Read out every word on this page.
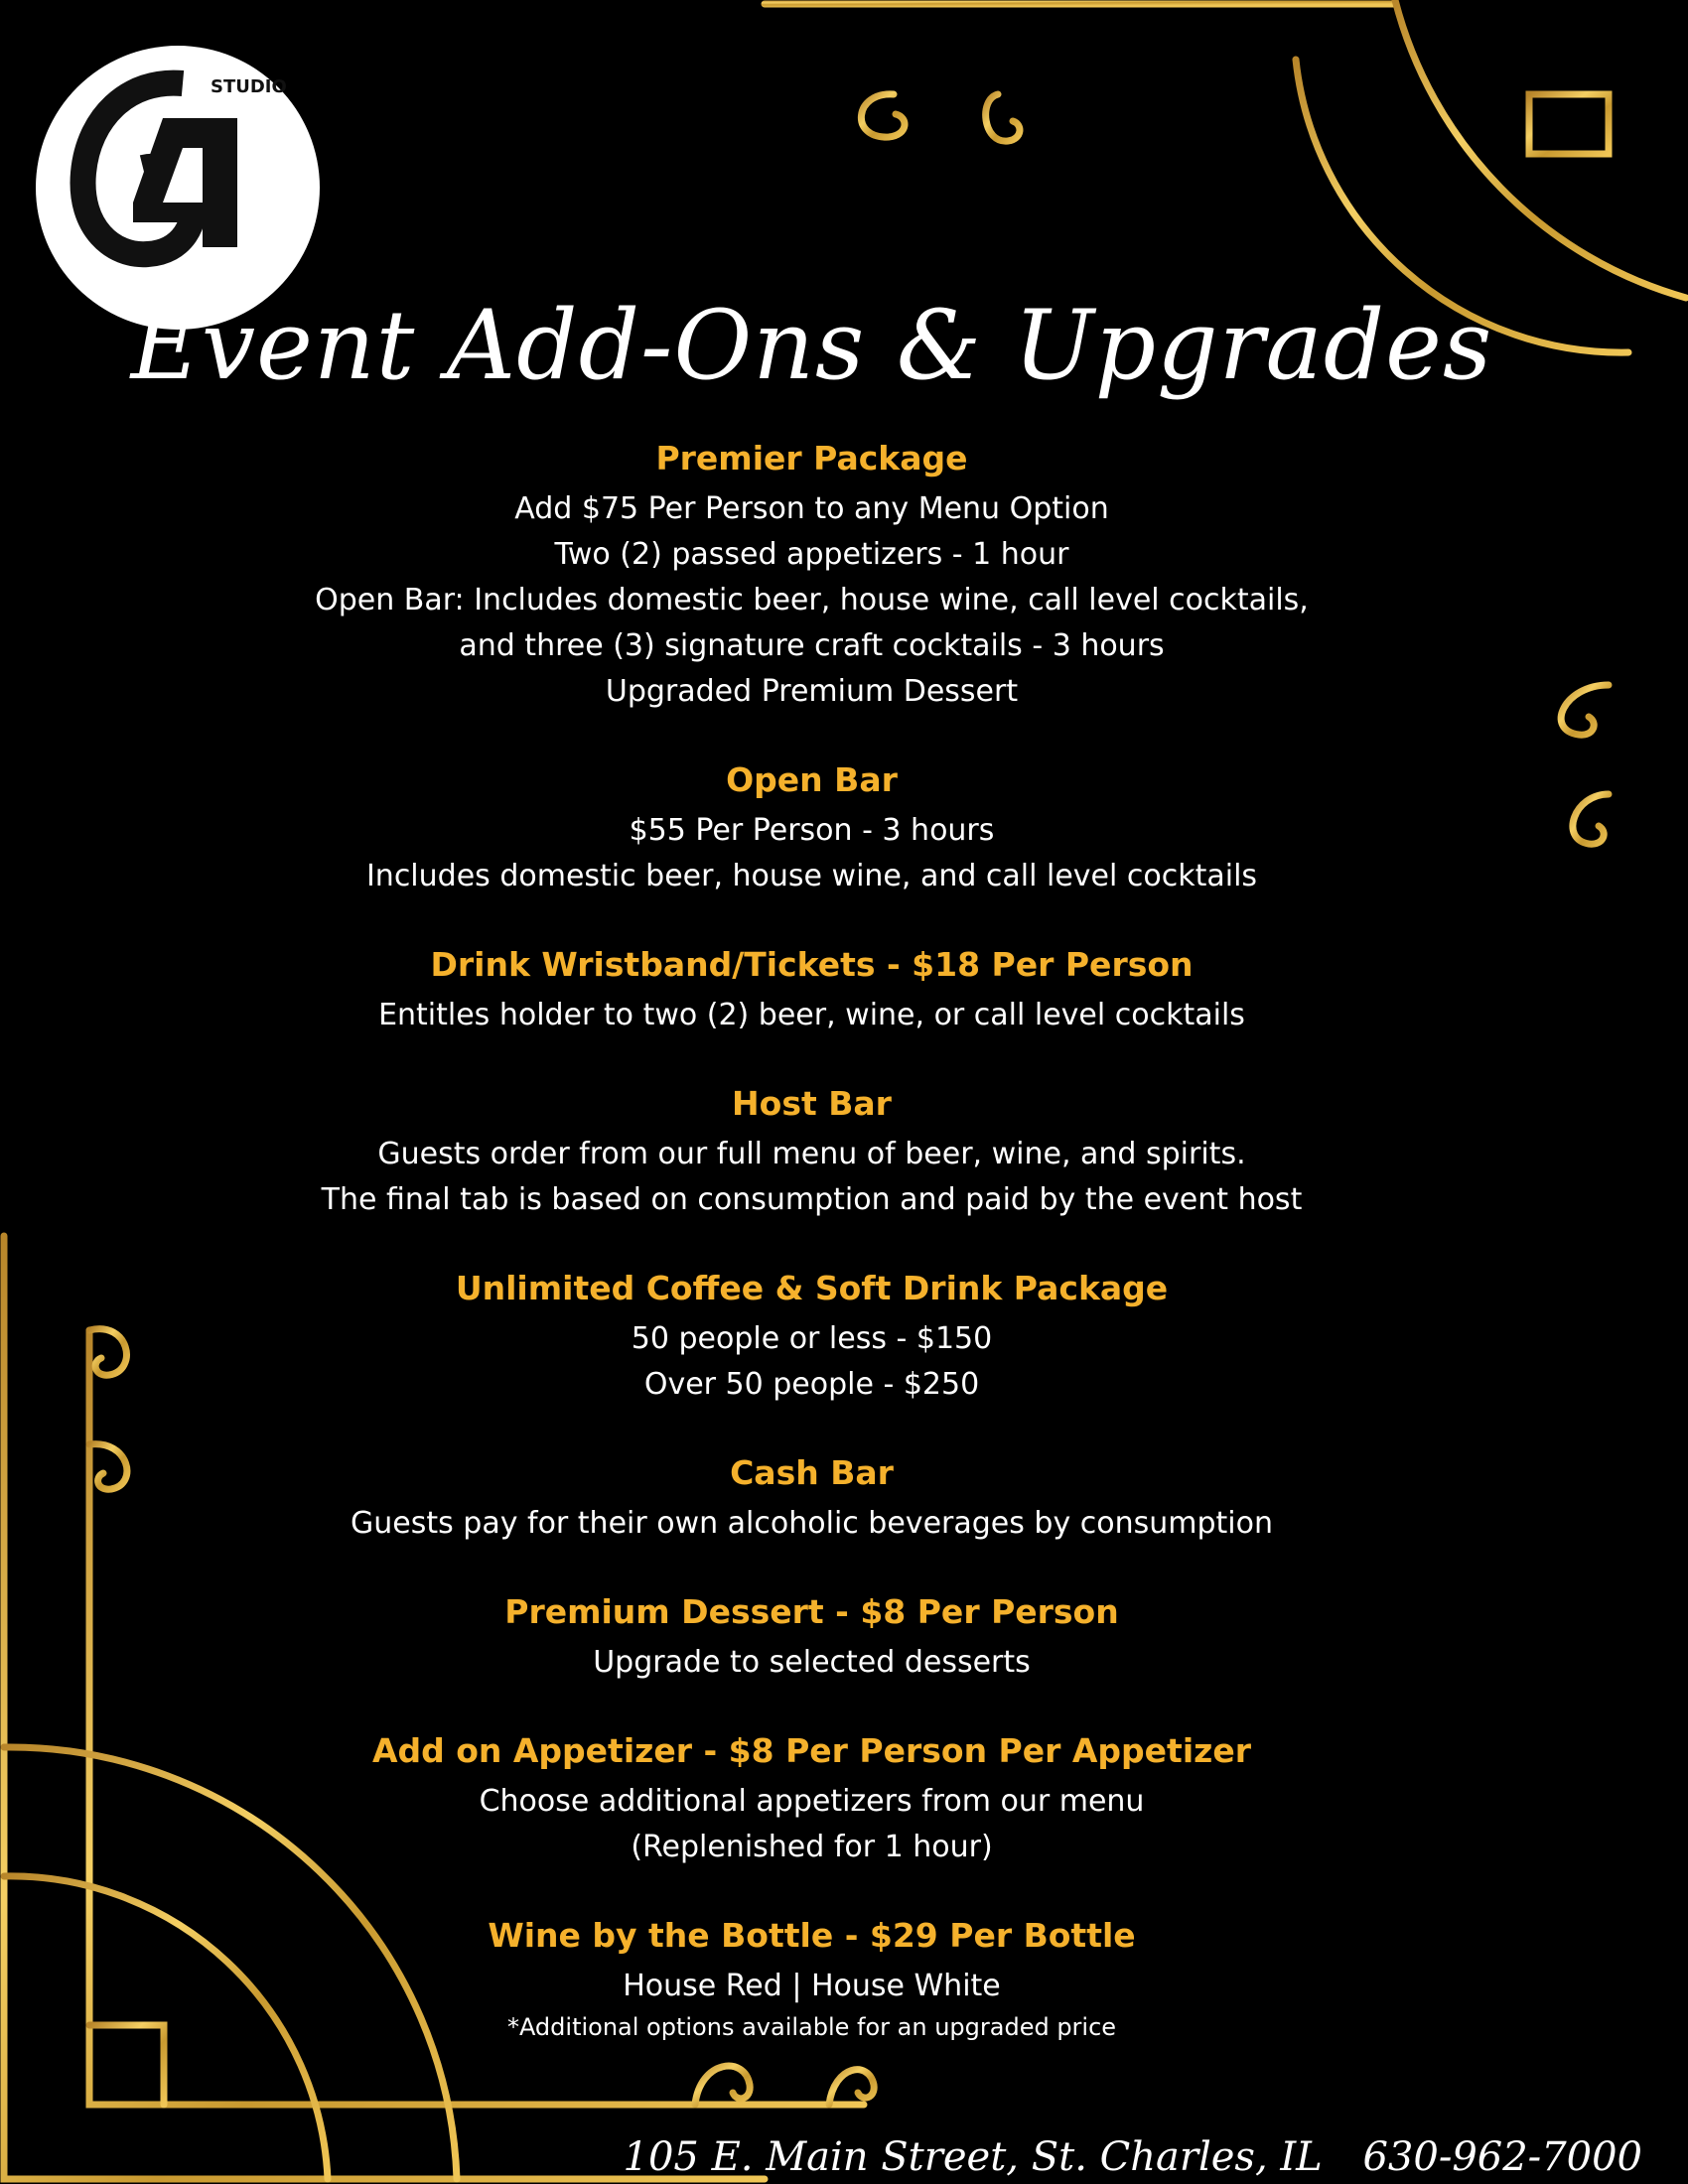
STUDIO
Event Add-Ons & Upgrades
Premier Package
Add $75 Per Person to any Menu Option
Two (2) passed appetizers - 1 hour
Open Bar: Includes domestic beer, house wine, call level cocktails,
and three (3) signature craft cocktails - 3 hours
Upgraded Premium Dessert
Open Bar
$55 Per Person - 3 hours
Includes domestic beer, house wine, and call level cocktails
Drink Wristband/Tickets - $18 Per Person
Entitles holder to two (2) beer, wine, or call level cocktails
Host Bar
Guests order from our full menu of beer, wine, and spirits.
The final tab is based on consumption and paid by the event host
Unlimited Coffee & Soft Drink Package
50 people or less - $150
Over 50 people - $250
Cash Bar
Guests pay for their own alcoholic beverages by consumption
Premium Dessert - $8 Per Person
Upgrade to selected desserts
Add on Appetizer - $8 Per Person Per Appetizer
Choose additional appetizers from our menu
(Replenished for 1 hour)
Wine by the Bottle - $29 Per Bottle
House Red | House White
*Additional options available for an upgraded price
105 E. Main Street, St. Charles, IL 630-962-7000
